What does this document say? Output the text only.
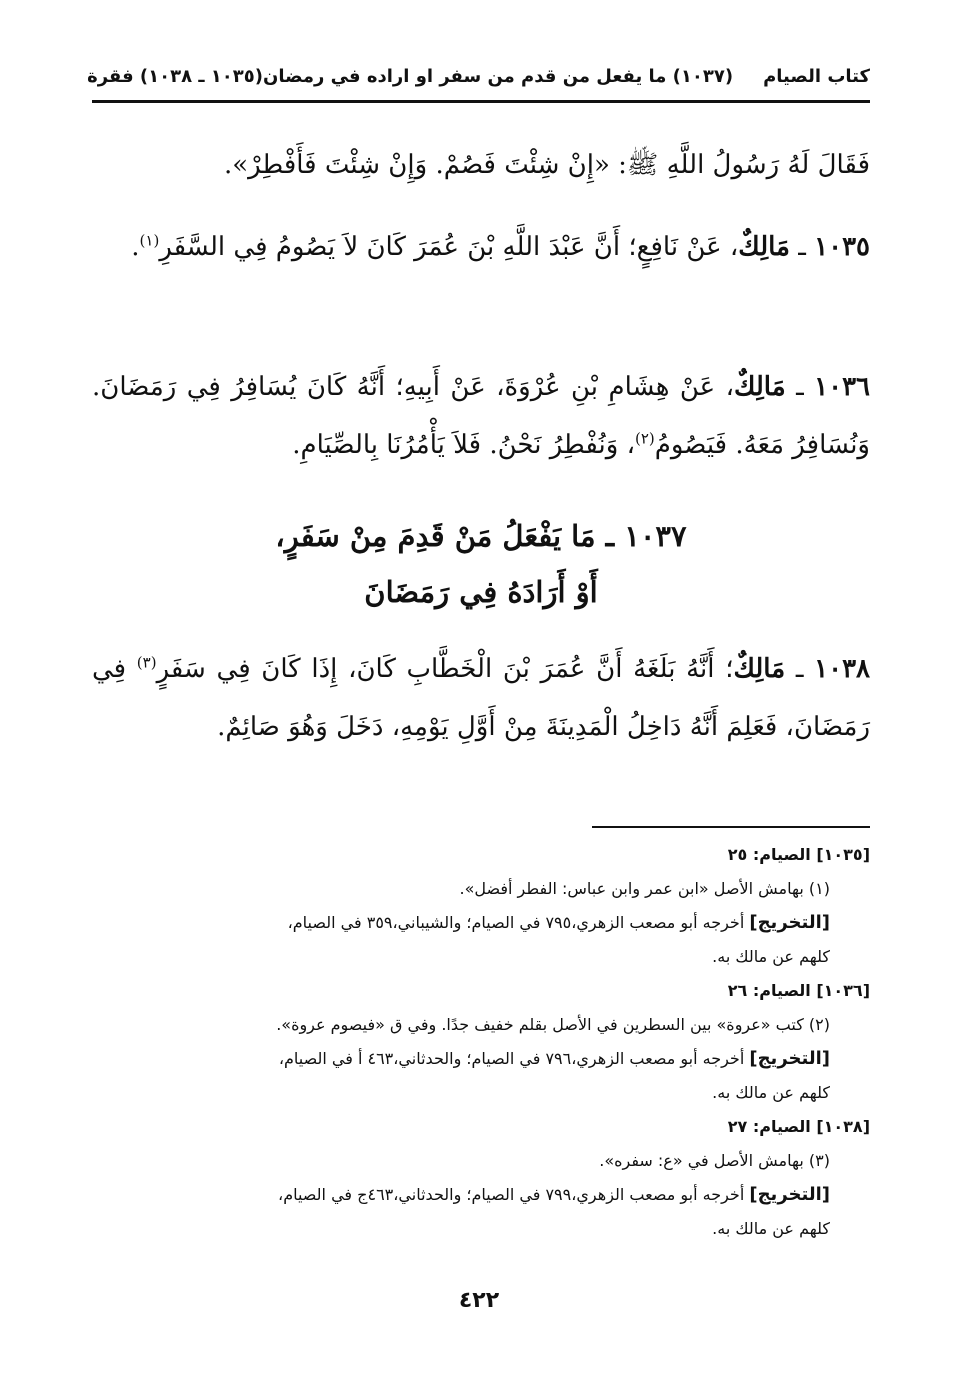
كتاب الصيام
(١٠٣٧) ما يفعل من قدم من سفر او اراده في رمضان
(١٠٣٥ ـ ١٠٣٨) فقرة
فَقَالَ لَهُ رَسُولُ اللَّهِ ﷺ: «إِنْ شِئْتَ فَصُمْ. وَإِنْ شِئْتَ فَأَفْطِرْ».
١٠٣٥ ـ مَالِكٌ، عَنْ نَافِعٍ؛ أَنَّ عَبْدَ اللَّهِ بْنَ عُمَرَ كَانَ لاَ يَصُومُ فِي السَّفَرِ$^{(١)}$.
١٠٣٦ ـ مَالِكٌ، عَنْ هِشَامِ بْنِ عُرْوَةَ، عَنْ أَبِيهِ؛ أَنَّهُ كَانَ يُسَافِرُ فِي رَمَضَانَ. وَنُسَافِرُ مَعَهُ. فَيَصُومُ$^{(٢)}$، وَنُفْطِرُ نَحْنُ. فَلاَ يَأْمُرُنَا بِالصِّيَامِ.
١٠٣٧ ـ مَا يَفْعَلُ مَنْ قَدِمَ مِنْ سَفَرٍ،
أَوْ أَرَادَهُ فِي رَمَضَانَ
١٠٣٨ ـ مَالِكٌ؛ أَنَّهُ بَلَغَهُ أَنَّ عُمَرَ بْنَ الْخَطَّابِ كَانَ، إِذَا كَانَ فِي سَفَرٍ$^{(٣)}$ فِي رَمَضَانَ، فَعَلِمَ أَنَّهُ دَاخِلُ الْمَدِينَةَ مِنْ أَوَّلِ يَوْمِهِ، دَخَلَ وَهُوَ صَائِمٌ.
[١٠٣٥] الصيام: ٢٥
(١) بهامش الأصل «ابن عمر وابن عباس: الفطر أفضل».
[التخريج] أخرجه أبو مصعب الزهري،٧٩٥ في الصيام؛ والشيباني،٣٥٩ في الصيام،
كلهم عن مالك به.
[١٠٣٦] الصيام: ٢٦
(٢) كتب «عروة» بين السطرين في الأصل بقلم خفيف جدًا. وفي ق «فيصوم عروة».
[التخريج] أخرجه أبو مصعب الزهري،٧٩٦ في الصيام؛ والحدثاني،٤٦٣ أ في الصيام،
كلهم عن مالك به.
[١٠٣٨] الصيام: ٢٧
(٣) بهامش الأصل في «ع: سفره».
[التخريج] أخرجه أبو مصعب الزهري،٧٩٩ في الصيام؛ والحدثاني،٤٦٣ج في الصيام،
كلهم عن مالك به.
٤٢٢
